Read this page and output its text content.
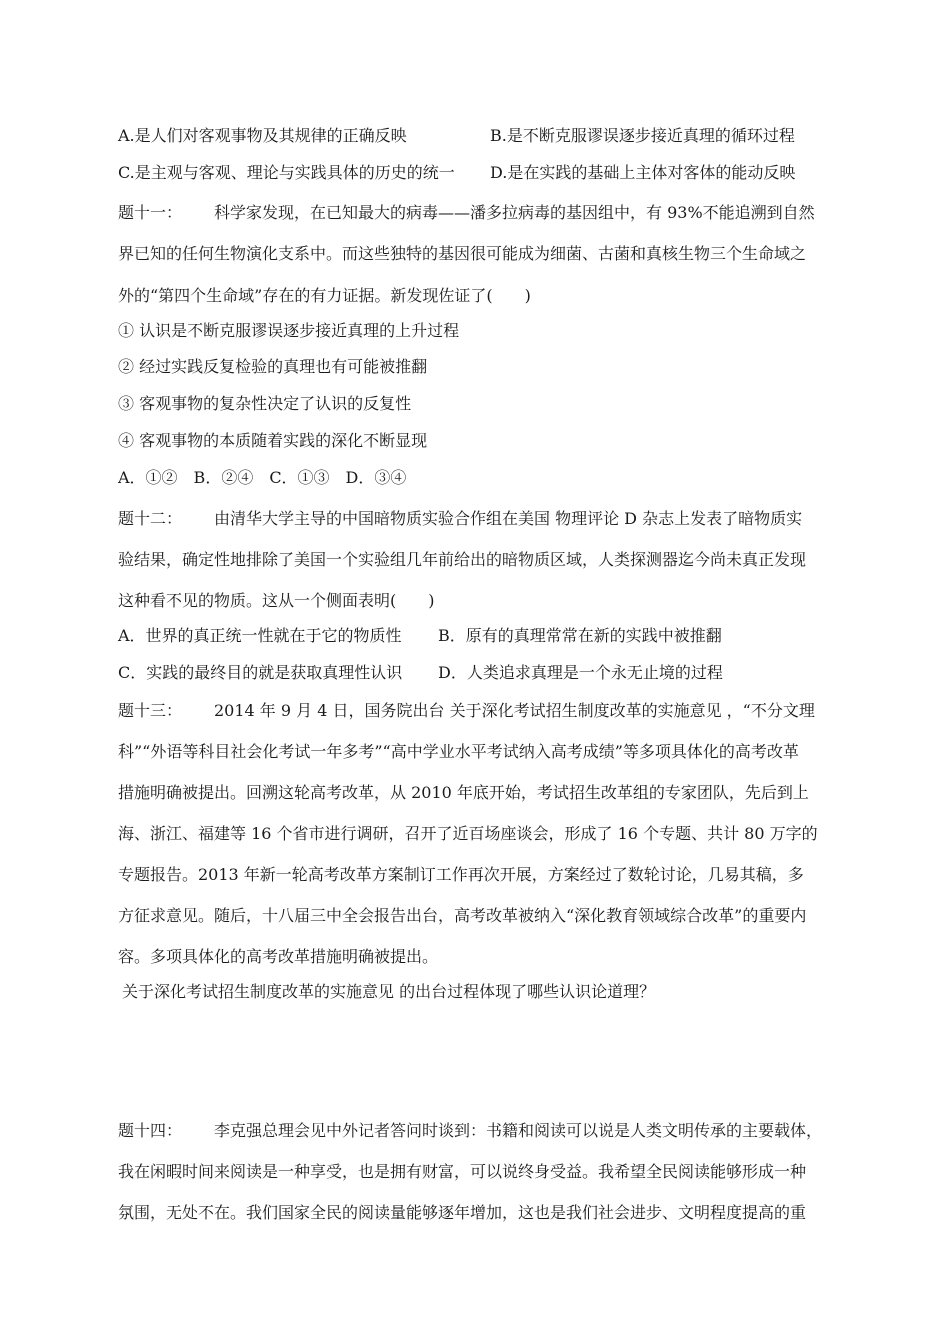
A.是人们对客观事物及其规律的正确反映	B.是不断克服谬误逐步接近真理的循环过程
C.是主观与客观、理论与实践具体的历史的统一 D.是在实践的基础上主体对客体的能动反映
题十一： 科学家发现，在已知最大的病毒——潘多拉病毒的基因组中，有 93%不能追溯到自然
界已知的任何生物演化支系中。而这些独特的基因很可能成为细菌、古菌和真核生物三个生命域之
外的“第四个生命域”存在的有力证据。新发现佐证了(　　)
① 认识是不断克服谬误逐步接近真理的上升过程
② 经过实践反复检验的真理也有可能被推翻
③ 客观事物的复杂性决定了认识的反复性
④ 客观事物的本质随着实践的深化不断显现
A．①②　B．②④　C．①③　D．③④
题十二： 由清华大学主导的中国暗物质实验合作组在美国 物理评论 D 杂志上发表了暗物质实
验结果，确定性地排除了美国一个实验组几年前给出的暗物质区域，人类探测器迄今尚未真正发现
这种看不见的物质。这从一个侧面表明(　　)
A．世界的真正统一性就在于它的物质性 B．原有的真理常常在新的实践中被推翻
C．实践的最终目的就是获取真理性认识 D．人类追求真理是一个永无止境的过程
题十三： 2014 年 9 月 4 日，国务院出台 关于深化考试招生制度改革的实施意见 ，“不分文理
科”“外语等科目社会化考试一年多考”“高中学业水平考试纳入高考成绩”等多项具体化的高考改革
措施明确被提出。回溯这轮高考改革，从 2010 年底开始，考试招生改革组的专家团队，先后到上
海、浙江、福建等 16 个省市进行调研，召开了近百场座谈会，形成了 16 个专题、共计 80 万字的
专题报告。2013 年新一轮高考改革方案制订工作再次开展，方案经过了数轮讨论，几易其稿，多
方征求意见。随后，十八届三中全会报告出台，高考改革被纳入“深化教育领域综合改革”的重要内
容。多项具体化的高考改革措施明确被提出。
关于深化考试招生制度改革的实施意见 的出台过程体现了哪些认识论道理？
题十四： 李克强总理会见中外记者答问时谈到：书籍和阅读可以说是人类文明传承的主要载体，
我在闲暇时间来阅读是一种享受，也是拥有财富，可以说终身受益。我希望全民阅读能够形成一种
氛围，无处不在。我们国家全民的阅读量能够逐年增加，这也是我们社会进步、文明程度提高的重
